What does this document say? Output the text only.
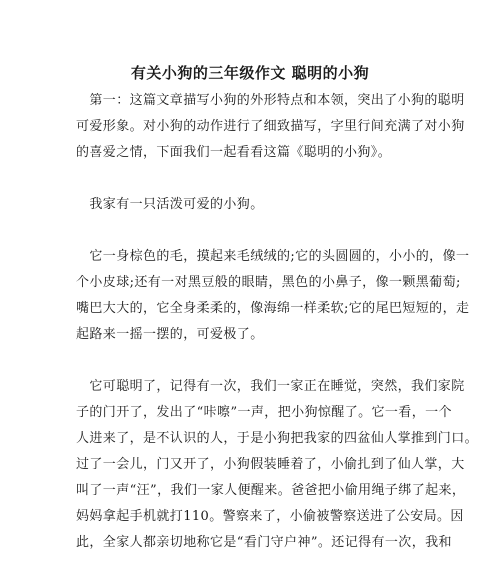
有关小狗的三年级作文 聪明的小狗
　第一：这篇文章描写小狗的外形特点和本领，突出了小狗的聪明
可爱形象。对小狗的动作进行了细致描写，字里行间充满了对小狗
的喜爱之情，下面我们一起看看这篇《聪明的小狗》。
　我家有一只活泼可爱的小狗。
　它一身棕色的毛，摸起来毛绒绒的;它的头圆圆的，小小的，像一
个小皮球;还有一对黑豆般的眼睛，黑色的小鼻子，像一颗黑葡萄;
嘴巴大大的，它全身柔柔的，像海绵一样柔软;它的尾巴短短的，走
起路来一摇一摆的，可爱极了。
　它可聪明了，记得有一次，我们一家正在睡觉，突然，我们家院
子的门开了，发出了“咔嚓”一声，把小狗惊醒了。它一看，一个
人进来了，是不认识的人，于是小狗把我家的四盆仙人掌推到门口。
过了一会儿，门又开了，小狗假装睡着了，小偷扎到了仙人掌，大
叫了一声“汪”，我们一家人便醒来。爸爸把小偷用绳子绑了起来，
妈妈拿起手机就打110。警察来了，小偷被警察送进了公安局。因
此，全家人都亲切地称它是“看门守户神”。还记得有一次，我和
